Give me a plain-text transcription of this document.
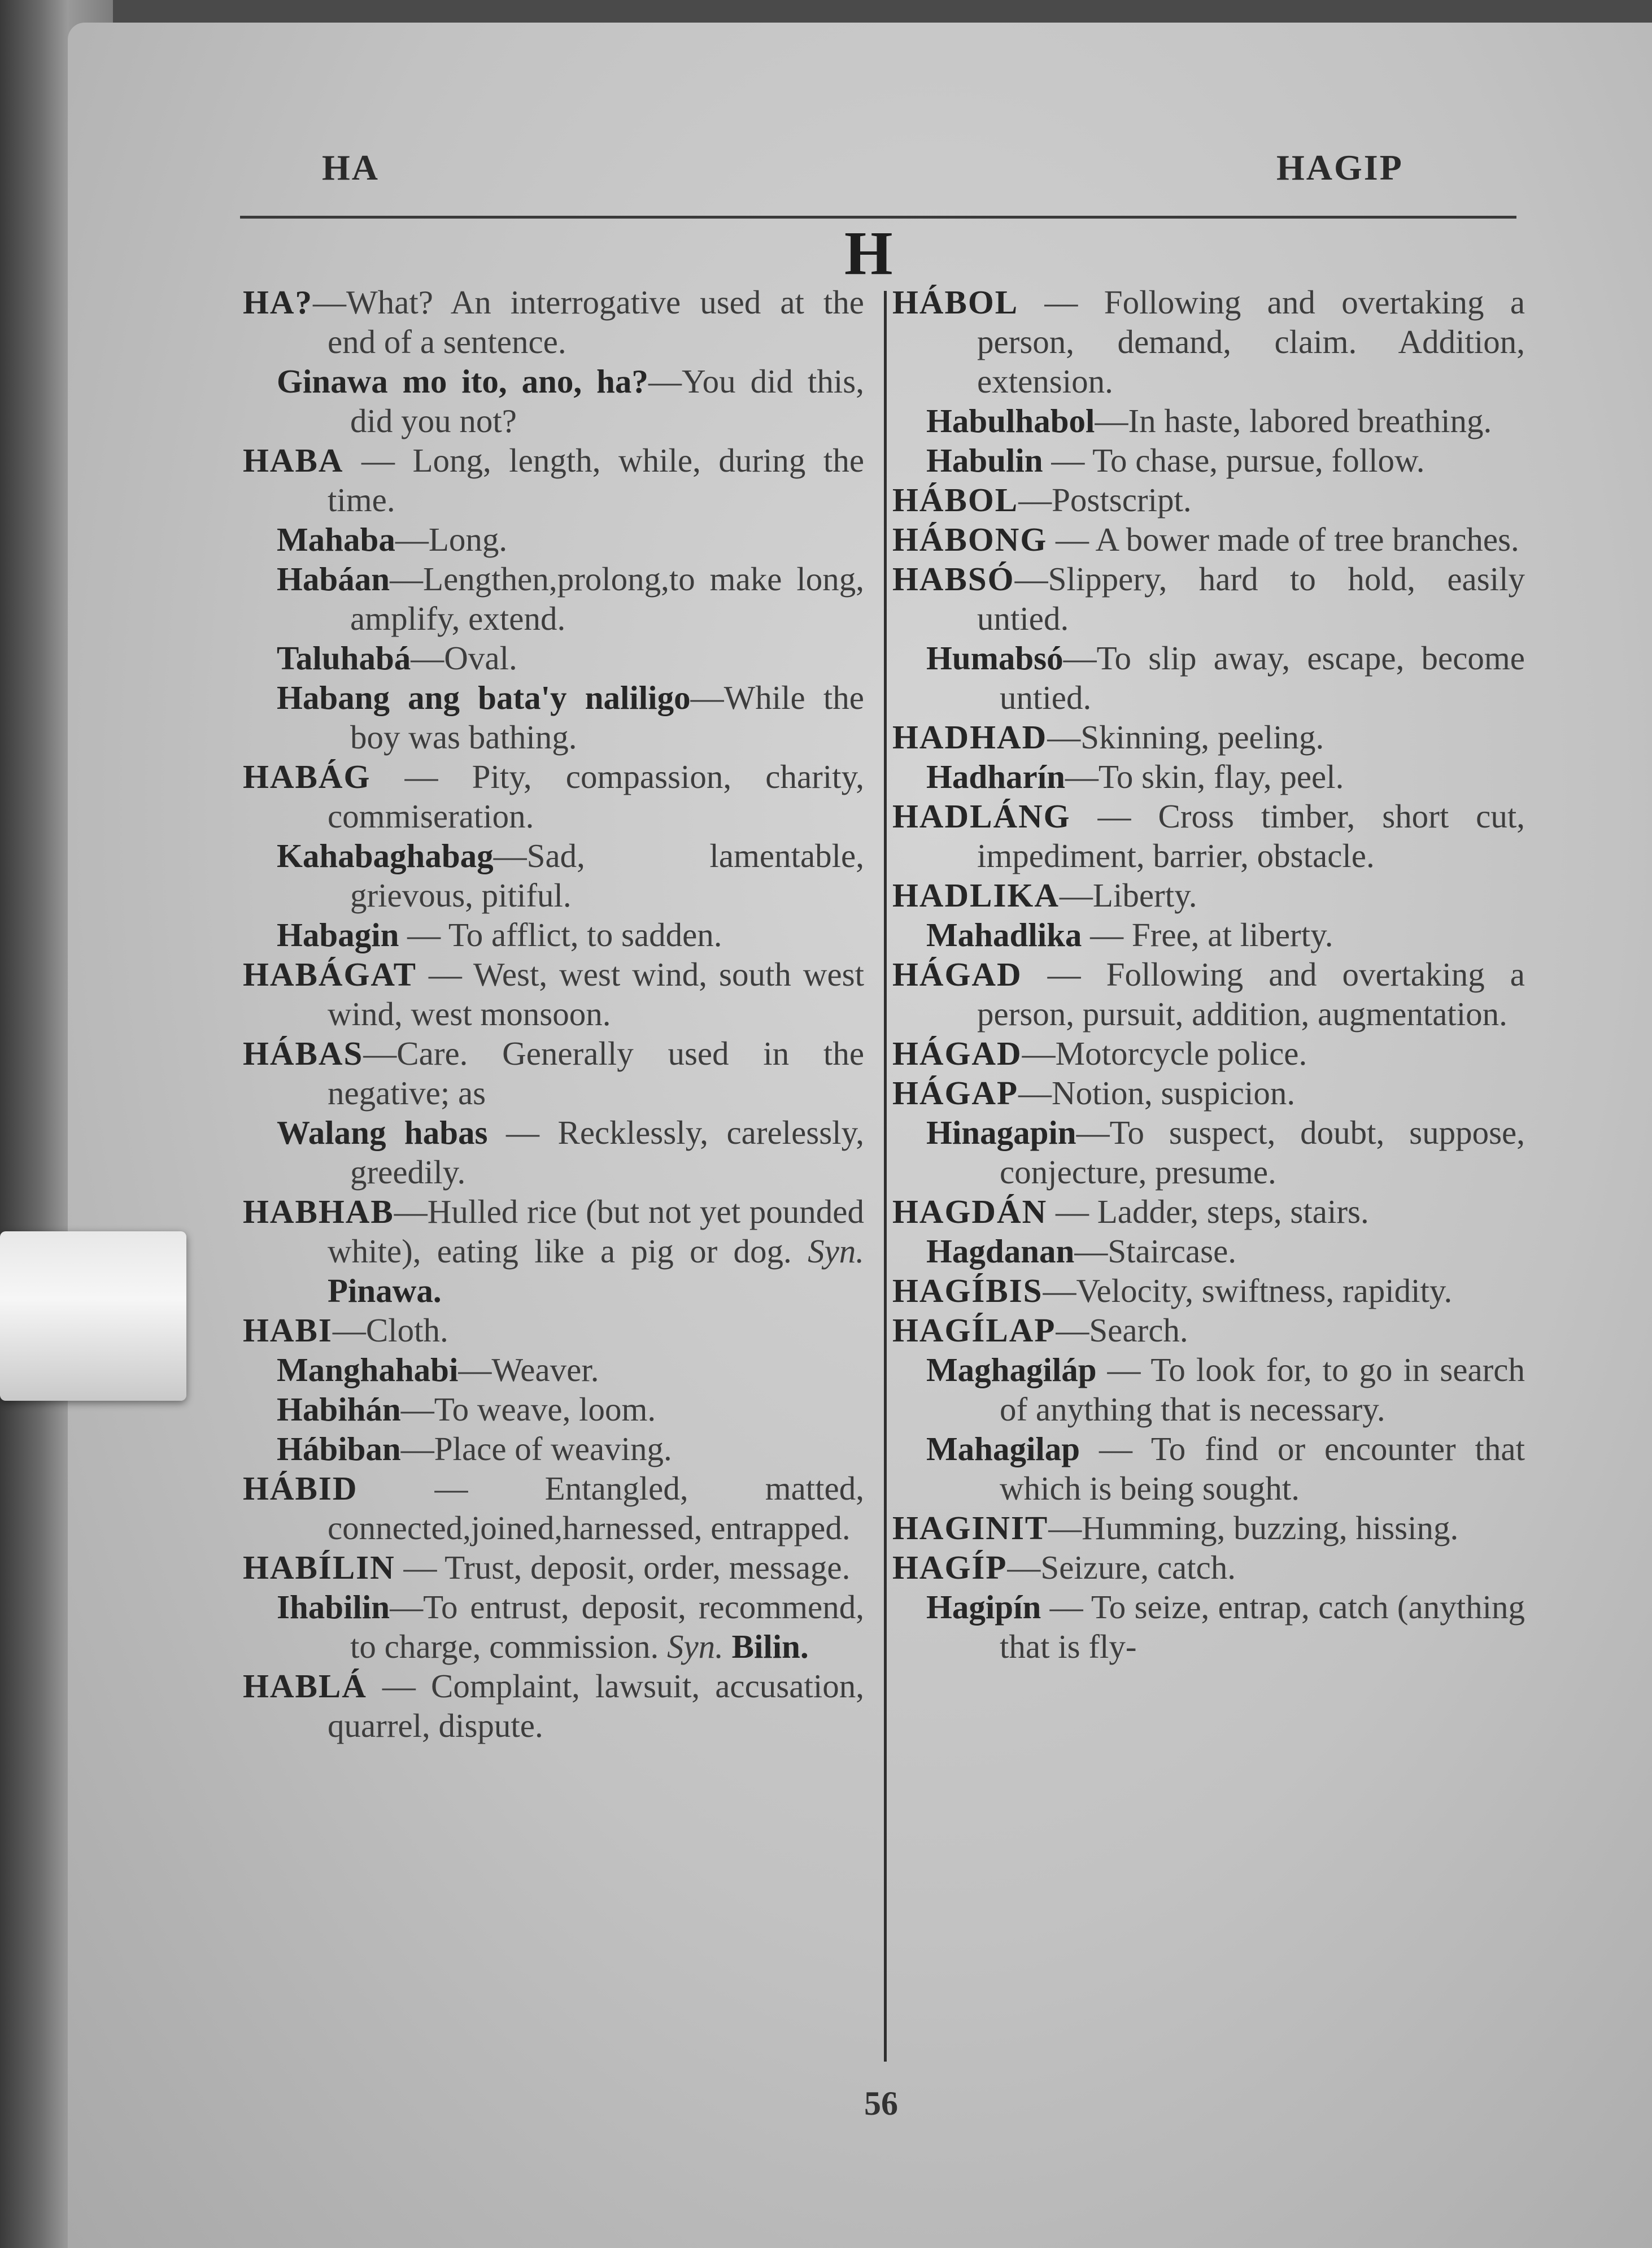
HA	HAGIP
H
HA?—What? An interrogative used at the end of a sentence.
Ginawa mo ito, ano, ha?—You did this, did you not?
HABA — Long, length, while, during the time.
Mahaba—Long.
Habáan—Lengthen,prolong,to make long, amplify, extend.
Taluhabá—Oval.
Habang ang bata'y naliligo—While the boy was bathing.
HABÁG — Pity, compassion, charity, commiseration.
Kahabaghabag—Sad, lamentable, grievous, pitiful.
Habagin — To afflict, to sadden.
HABÁGAT — West, west wind, south west wind, west monsoon.
HÁBAS—Care. Generally used in the negative; as
Walang habas — Recklessly, carelessly, greedily.
HABHAB—Hulled rice (but not yet pounded white), eating like a pig or dog. Syn. Pinawa.
HABI—Cloth.
Manghahabi—Weaver.
Habihán—To weave, loom.
Hábiban—Place of weaving.
HÁBID — Entangled, matted, connected,joined,harnessed, entrapped.
HABÍLIN — Trust, deposit, order, message.
Ihabilin—To entrust, deposit, recommend, to charge, commission. Syn. Bilin.
HABLÁ — Complaint, lawsuit, accusation, quarrel, dispute.
HÁBOL — Following and overtaking a person, demand, claim. Addition, extension.
Habulhabol—In haste, labored breathing.
Habulin — To chase, pursue, follow.
HÁBOL—Postscript.
HÁBONG — A bower made of tree branches.
HABSÓ—Slippery, hard to hold, easily untied.
Humabsó—To slip away, escape, become untied.
HADHAD—Skinning, peeling.
Hadharín—To skin, flay, peel.
HADLÁNG — Cross timber, short cut, impediment, barrier, obstacle.
HADLIKA—Liberty.
Mahadlika — Free, at liberty.
HÁGAD — Following and overtaking a person, pursuit, addition, augmentation.
HÁGAD—Motorcycle police.
HÁGAP—Notion, suspicion.
Hinagapin—To suspect, doubt, suppose, conjecture, presume.
HAGDÁN — Ladder, steps, stairs.
Hagdanan—Staircase.
HAGÍBIS—Velocity, swiftness, rapidity.
HAGÍLAP—Search.
Maghagiláp — To look for, to go in search of anything that is necessary.
Mahagilap — To find or encounter that which is being sought.
HAGINIT—Humming, buzzing, hissing.
HAGÍP—Seizure, catch.
Hagipín — To seize, entrap, catch (anything that is fly-
56
